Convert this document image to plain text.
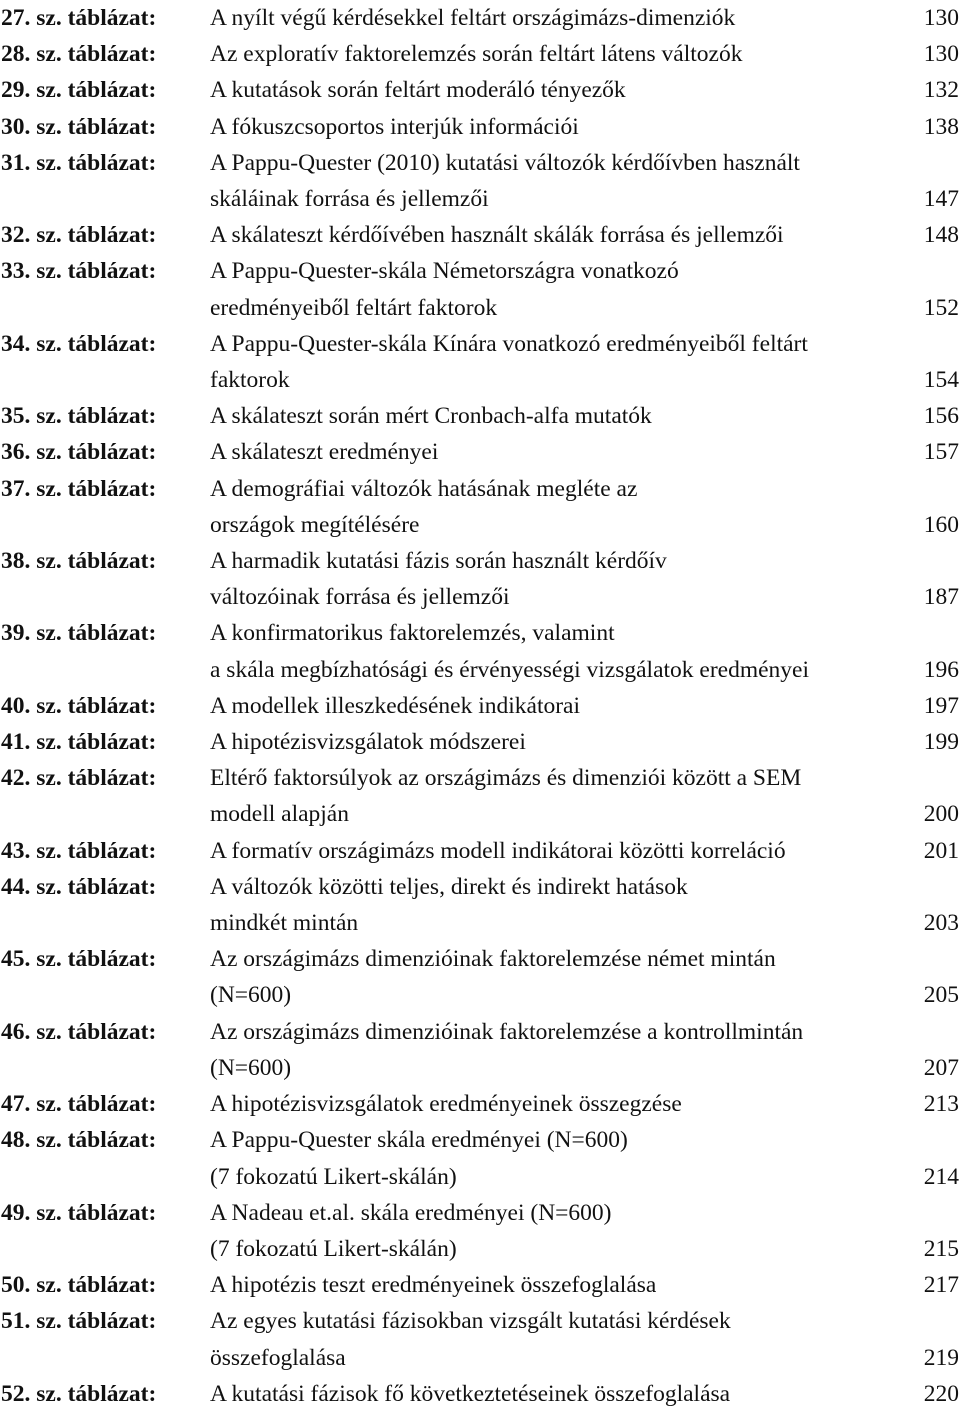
27. sz. táblázat:	A nyílt végű kérdésekkel feltárt országimázs-dimenziók	130
28. sz. táblázat:	Az exploratív faktorelemzés során feltárt látens változók	130
29. sz. táblázat:	A kutatások során feltárt moderáló tényezők	132
30. sz. táblázat:	A fókuszcsoportos interjúk információi	138
31. sz. táblázat:	A Pappu-Quester (2010) kutatási változók kérdőívben használt
skáláinak forrása és jellemzői	147
32. sz. táblázat:	A skálateszt kérdőívében használt skálák forrása és jellemzői	148
33. sz. táblázat:	A Pappu-Quester-skála Németországra vonatkozó
eredményeiből feltárt faktorok	152
34. sz. táblázat:	A Pappu-Quester-skála Kínára vonatkozó eredményeiből feltárt
faktorok	154
35. sz. táblázat:	A skálateszt során mért Cronbach-alfa mutatók	156
36. sz. táblázat:	A skálateszt eredményei	157
37. sz. táblázat:	A demográfiai változók hatásának megléte az
országok megítélésére	160
38. sz. táblázat:	A harmadik kutatási fázis során használt kérdőív
változóinak forrása és jellemzői	187
39. sz. táblázat:	A konfirmatorikus faktorelemzés, valamint
a skála megbízhatósági és érvényességi vizsgálatok eredményei	196
40. sz. táblázat:	A modellek illeszkedésének indikátorai	197
41. sz. táblázat:	A hipotézisvizsgálatok módszerei	199
42. sz. táblázat:	Eltérő faktorsúlyok az országimázs és dimenziói között a SEM
modell alapján	200
43. sz. táblázat:	A formatív országimázs modell indikátorai közötti korreláció	201
44. sz. táblázat:	A változók közötti teljes, direkt és indirekt hatások
mindkét mintán	203
45. sz. táblázat:	Az országimázs dimenzióinak faktorelemzése német mintán
(N=600)	205
46. sz. táblázat:	Az országimázs dimenzióinak faktorelemzése a kontrollmintán
(N=600)	207
47. sz. táblázat:	A hipotézisvizsgálatok eredményeinek összegzése	213
48. sz. táblázat:	A Pappu-Quester skála eredményei (N=600)
(7 fokozatú Likert-skálán)	214
49. sz. táblázat:	A Nadeau et.al. skála eredményei (N=600)
(7 fokozatú Likert-skálán)	215
50. sz. táblázat:	A hipotézis teszt eredményeinek összefoglalása	217
51. sz. táblázat:	Az egyes kutatási fázisokban vizsgált kutatási kérdések
összefoglalása	219
52. sz. táblázat:	A kutatási fázisok fő következtetéseinek összefoglalása	220
